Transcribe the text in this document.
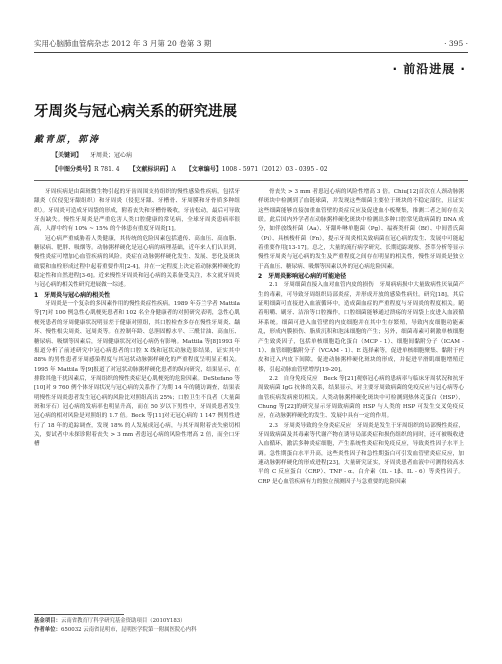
实用心脑肺血管病杂志 2012 年 3 月第 20 卷第 3 期	· 395 ·
· 前沿进展 ·
牙周炎与冠心病关系的研究进展
戴青原，郭涛
【关键词】 牙周炎；冠心病
【中图分类号】R 781. 4 【文献标识码】A 【文章编号】1008 - 5971（2012）03 - 0395 - 02

牙周疾病是由菌斑微生物引起的牙齿周围支持组织的慢性感染性疾病，包括牙龈炎（仅侵犯牙龈组织）和牙周炎（侵犯牙龈、牙槽骨、牙周膜和牙骨质多种组织）。牙周炎可造成牙周袋的形成，附着丧失和牙槽骨吸收，牙齿松动，最后可导致牙齿缺失。慢性牙周炎是严重危害人类口腔健康的常见病，全球牙周炎患病率很高，人群中约有 10% ~ 15% 的个体患有重度牙周炎[1]。

冠心病严重威胁着人类健康，其传统的危险因素包括遗传、高血压、高血脂、糖尿病、肥胖、吸烟等。动脉粥样硬化是冠心病的病理基础，近年来人们认识到，慢性炎症可增加心血管疾病的风险。炎症在动脉粥样硬化发生、发展、恶化及斑块破裂和血栓形成过程中起着重要作用[2-4]，并在一定程度上决定着动脉粥样硬化的稳定性和自然进程[3-6]。近来慢性牙周炎和冠心病的关系备受关注，本文就牙周炎与冠心病的相关性研究进展做一综述。

1　牙周炎与冠心病的相关性

牙周炎是一个复杂的多因素作用的慢性炎症性疾病。1989 年芬兰学者 Mattila 等[7]对 100 例急性心肌梗死患者和 102 名全身健康者的对照研究表明，急性心肌梗死患者的牙周健康状况明显差于健康对照组，其口腔检查多存在慢性牙周炎、龋坏、慢性根尖周炎、冠周炎等。在控制年龄、总胆固醇水平、三酰甘油、高血压、糖尿病、吸烟等因素后，牙周健康状况对冠心病仍有影响。Mattila 等[8]1993 年报道分析了前述研究中冠心病患者的口腔 X 线和冠状动脉造影结果，证实其中 88% 的男性患者牙周感染程度与其冠状动脉粥样硬化的严重程度呈明显正相关。1995 年 Mattila 等[9]报道了对冠状动脉粥样硬化患者的纵向研究，结果显示，在排除其他干扰因素后，牙周组织的慢性炎症是心肌梗死的危险因素。DeStefano 等[10]对 9 760 例个体牙周状况与冠心病的关系作了为期 14 年的随访调查，结果表明慢性牙周炎患者发生冠心病的风险比对照组高出 25%；口腔卫生不良者（大量菌斑和牙石）冠心病的发病率也明显升高，而在 50 岁以下男性中，牙周炎患者发生冠心病的相对风险是对照组的 1.7 倍。Beck 等[11]对无冠心病的 1 147 例男性进行了 18 年的追踪调查，发现 18% 的人发展成冠心病，与其牙周附着丧失密切相关，要试者中未探诊附着丧失 > 3 mm 者患冠心病的风险性增高 2 倍，而全口牙槽

骨丧失 > 3 mm 者患冠心病的风险性增高 3 倍。Chiu[12]首次在人颈动脉粥样斑块中检测到了血链球菌，并发现这些细菌主要位于斑块的不稳定部位，且证实这些细菌能够直接加重血管壁的炎症反应及促进血小板聚集，推测二者之间存在关联。此后国内外学者在动脉粥样硬化斑块中检测出多种口腔常见致病菌的 DNA 成分，如伴放线杆菌（Aa）、牙龈卟啉单胞菌（Pg）、福赛类杆菌（Bf）、中间普氏菌（Pi）、具核梭杆菌（Fn），提示牙周炎相关致病菌在冠心病的发生、发展中可能起着重要作用[13-17]。总之，大量的流行病学研究、长期追踪观察、荟萃分析等显示慢性牙周炎与冠心病的发生及严重程度之间存在明显的相关性，慢性牙周炎是独立于高血压、糖尿病、吸烟等因素以外的冠心病危险因素。

2　牙周炎影响冠心病的可能途径

2.1　牙周细菌直接入血对血管内皮的损伤　牙周病病损中大量致病性厌氧菌产生的毒素，可导致牙周组织局部炎症，并形成开放的感染性病灶。研究[18]，其后证明细菌可直接进入血液循环中，造成菌血症的严重程度与牙周炎的程度相关。随着咀嚼、刷牙、洁治等口腔操作，口腔细菌能够通过溃疡的牙周袋上皮进入血液循环系统。细菌可进入血管壁的内皮细胞并在其中生存繁殖，导致内皮细胞功能紊乱，形成内膜损伤、脂质沉积和泡沫细胞的产生；另外，细菌毒素可刺激单核细胞产生致炎因子，包括单核细胞趋化蛋白（MCP - 1）、细胞间黏附分子（ICAM - 1）、血管细胞黏附分子（VCAM - 1）、E 选择素等，促进单核细胞聚集、黏附于内皮和迁入内皮下间隙，促进动脉粥样硬化斑块的形成，并促进平滑肌细胞增殖迁移，引起动脉血管壁增厚[19-20]。

2.2　自身免疫反应　Beck 等[21]观察冠心病的患病率与临床牙周状况和抗牙周致病菌 IgG 抗体的关系，结果显示，对主要牙周致病菌的免疫反应与冠心病等心血管疾病发病密切相关。人类动脉粥样硬化斑块中可检测到热休克蛋白（HSP），Chung 等[22]的研究显示牙周致病菌的 HSP 与人类的 HSP 可发生交叉免疫反应，在动脉粥样硬化的发生、发展中具有一定的作用。

2.3　牙周炎导致的全身炎症反应　牙周炎是发生于牙周组织的局部慢性炎症，牙周致病菌及其毒素等代谢产物在诱导局部炎症和损伤组织的同时，还可被吸收进入血循环，激活多种炎症细胞，产生系统性炎症和免疫反应，导致炎性因子水平上调。急性期蛋白水平升高，这些炎性因子和急性期蛋白可引发血管壁炎症反应，加速动脉粥样硬化的形成进程[23]。大量研究证实，牙周炎患者血液中可测得较高水平的 C 反应蛋白（CRP）、TNF - α、白介素（IL - 1β、IL - 6）等炎性因子。CRP 是心血管疾病有力的独立预测因子与急重要的危险因素

基金项目：云南省教育厅科学研究基金资助项目（2010Y183）
作者单位：650032 云南省昆明市，昆明医学院第一附属医院心内科
